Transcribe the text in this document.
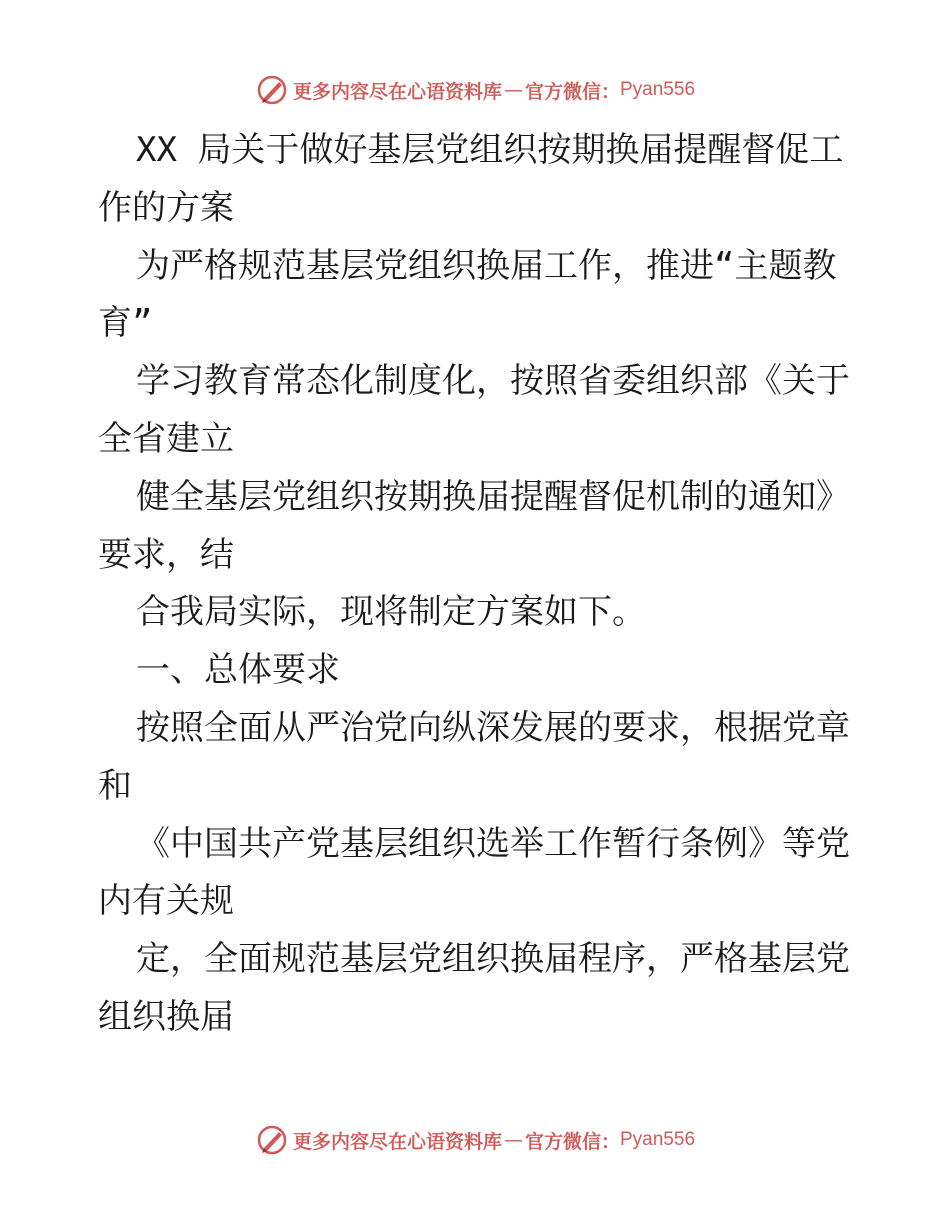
更多内容尽在心语资料库 — 官方微信： Pyan556

XX 局关于做好基层党组织按期换届提醒督促工

作的方案

为严格规范基层党组织换届工作，推进“主题教

育”

学习教育常态化制度化，按照省委组织部《关于

全省建立

健全基层党组织按期换届提醒督促机制的通知》

要求，结

合我局实际，现将制定方案如下。

一、总体要求

按照全面从严治党向纵深发展的要求，根据党章

和

《中国共产党基层组织选举工作暂行条例》等党

内有关规

定，全面规范基层党组织换届程序，严格基层党

组织换届

更多内容尽在心语资料库 — 官方微信： Pyan556
